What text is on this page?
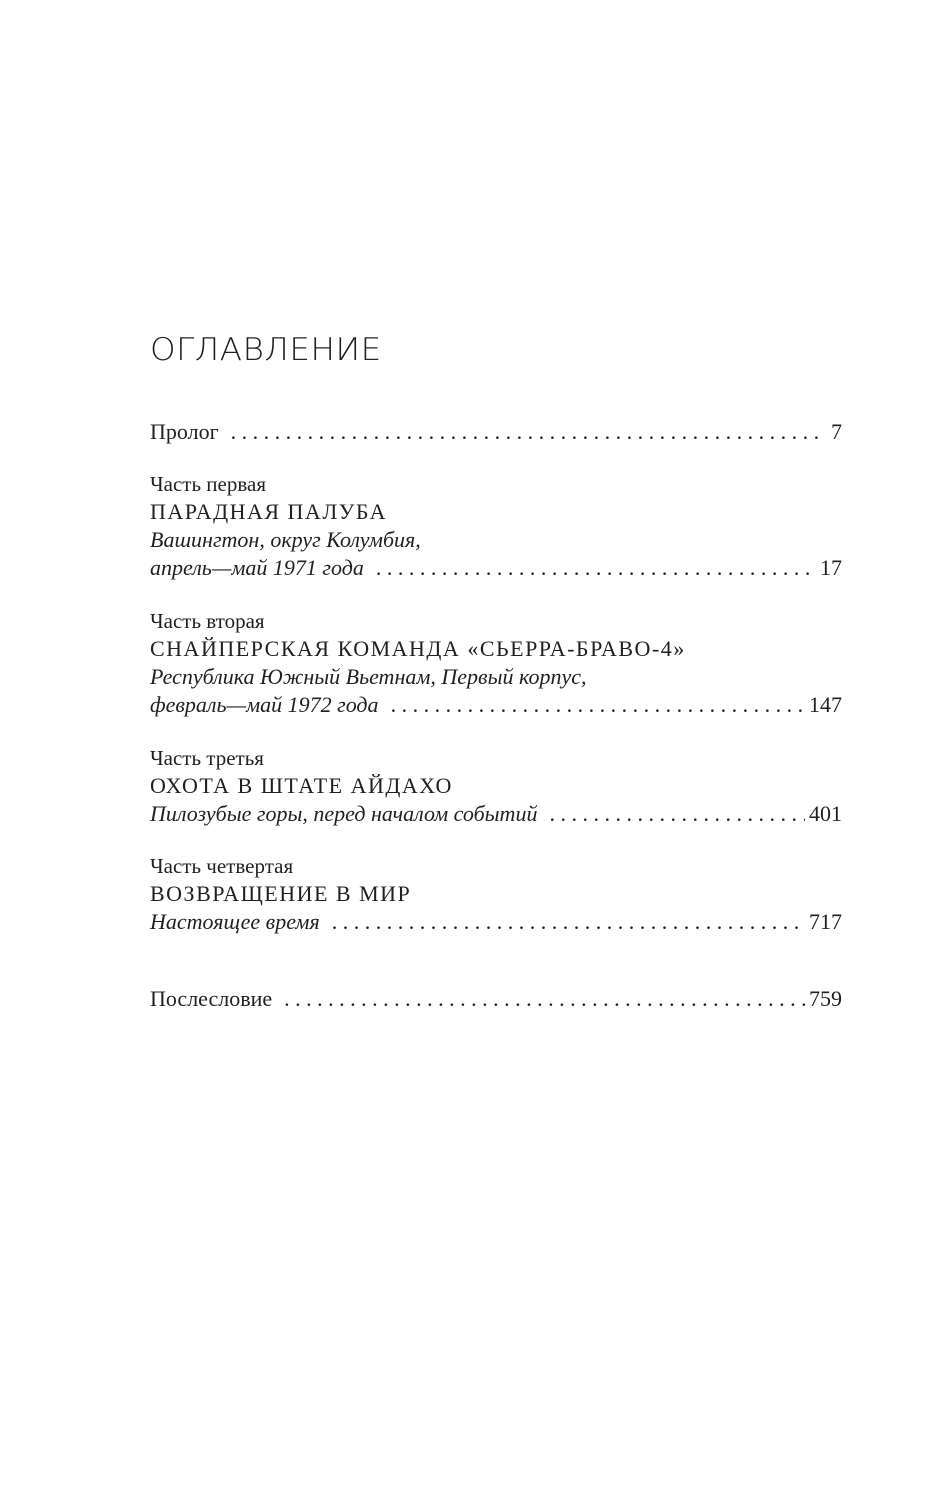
ОГЛАВЛЕНИЕ
Пролог . . .	7
Часть первая
ПАРАДНАЯ ПАЛУБА
Вашингтон, округ Колумбия,
апрель—май 1971 года . . .	17
Часть вторая
СНАЙПЕРСКАЯ КОМАНДА «СЬЕРРА-БРАВО-4»
Республика Южный Вьетнам, Первый корпус,
февраль—май 1972 года . . .	147
Часть третья
ОХОТА В ШТАТЕ АЙДАХО
Пилозубые горы, перед началом событий . . .	401
Часть четвертая
ВОЗВРАЩЕНИЕ В МИР
Настоящее время . . .	717
Послесловие . . .	759
